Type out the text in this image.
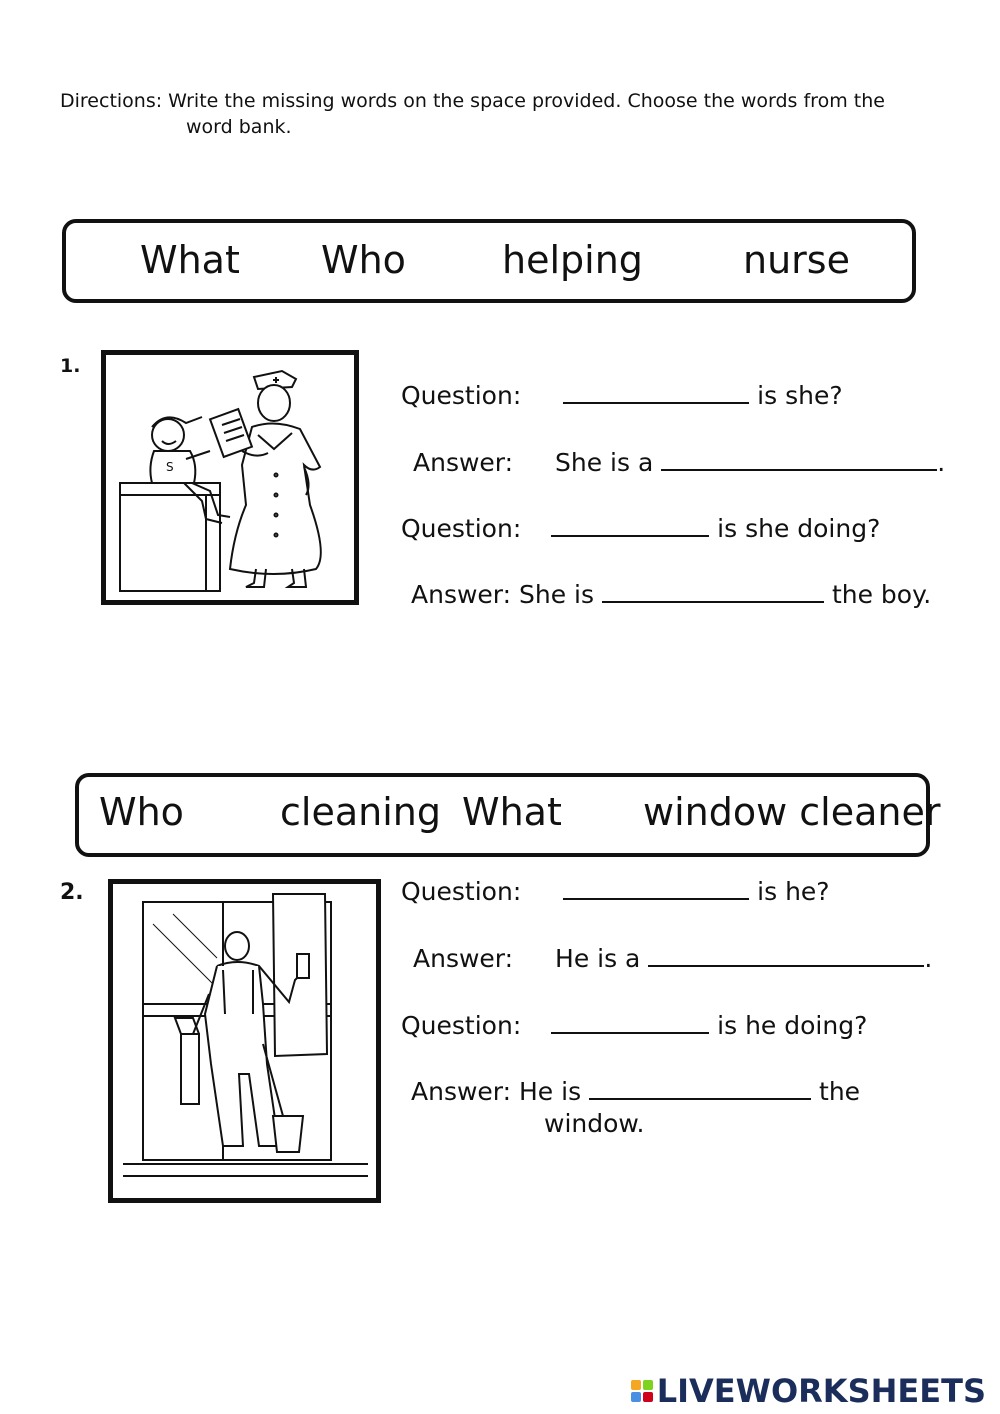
Directions: Write the missing words on the space provided. Choose the words from the
word bank.
What Who	helping	nurse
1.
S
Question:	is she?
Answer: She is a	.
Question:	is she doing?
Answer: She is	the boy.
Who	cleaning What window cleaner
2.	Question:	is he?
Answer: He is a	.
Question:	is he doing?
Answer: He is	the
window.
LIVEWORKSHEETS
